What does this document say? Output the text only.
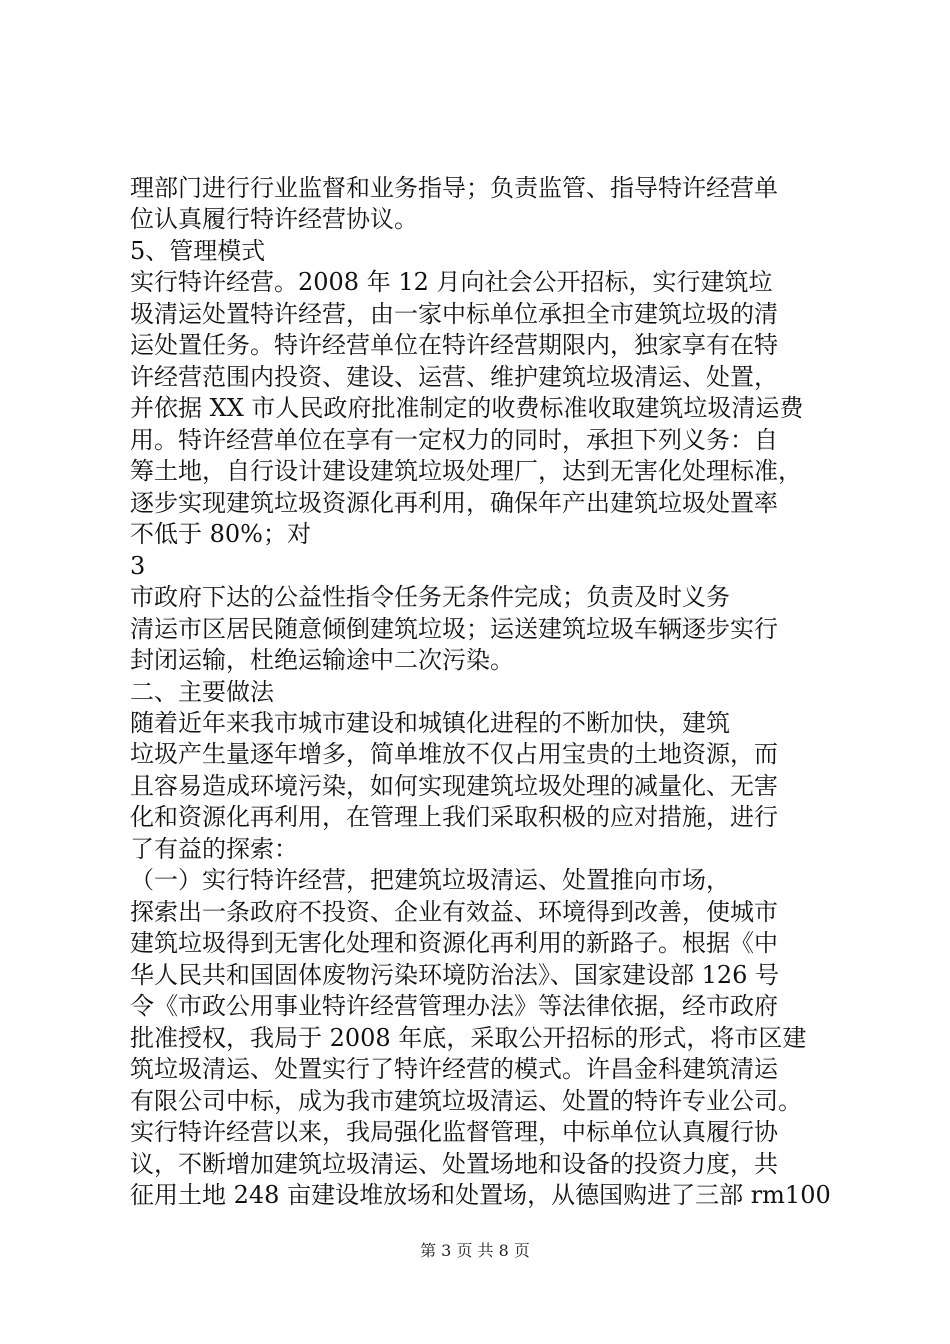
理部门进行行业监督和业务指导；负责监管、指导特许经营单
位认真履行特许经营协议。
5、管理模式
实行特许经营。2008 年 12 月向社会公开招标，实行建筑垃
圾清运处置特许经营，由一家中标单位承担全市建筑垃圾的清
运处置任务。特许经营单位在特许经营期限内，独家享有在特
许经营范围内投资、建设、运营、维护建筑垃圾清运、处置，
并依据 XX 市人民政府批准制定的收费标准收取建筑垃圾清运费
用。特许经营单位在享有一定权力的同时，承担下列义务：自
筹土地，自行设计建设建筑垃圾处理厂，达到无害化处理标准，
逐步实现建筑垃圾资源化再利用，确保年产出建筑垃圾处置率
不低于 80%；对
3
市政府下达的公益性指令任务无条件完成；负责及时义务
清运市区居民随意倾倒建筑垃圾；运送建筑垃圾车辆逐步实行
封闭运输，杜绝运输途中二次污染。
二、主要做法
随着近年来我市城市建设和城镇化进程的不断加快，建筑
垃圾产生量逐年增多，简单堆放不仅占用宝贵的土地资源，而
且容易造成环境污染，如何实现建筑垃圾处理的减量化、无害
化和资源化再利用，在管理上我们采取积极的应对措施，进行
了有益的探索：
（一）实行特许经营，把建筑垃圾清运、处置推向市场，
探索出一条政府不投资、企业有效益、环境得到改善，使城市
建筑垃圾得到无害化处理和资源化再利用的新路子。根据《中
华人民共和国固体废物污染环境防治法》、国家建设部 126 号
令《市政公用事业特许经营管理办法》等法律依据，经市政府
批准授权，我局于 2008 年底，采取公开招标的形式，将市区建
筑垃圾清运、处置实行了特许经营的模式。许昌金科建筑清运
有限公司中标，成为我市建筑垃圾清运、处置的特许专业公司。
实行特许经营以来，我局强化监督管理，中标单位认真履行协
议，不断增加建筑垃圾清运、处置场地和设备的投资力度，共
征用土地 248 亩建设堆放场和处置场，从德国购进了三部 rm100
第 3 页 共 8 页
